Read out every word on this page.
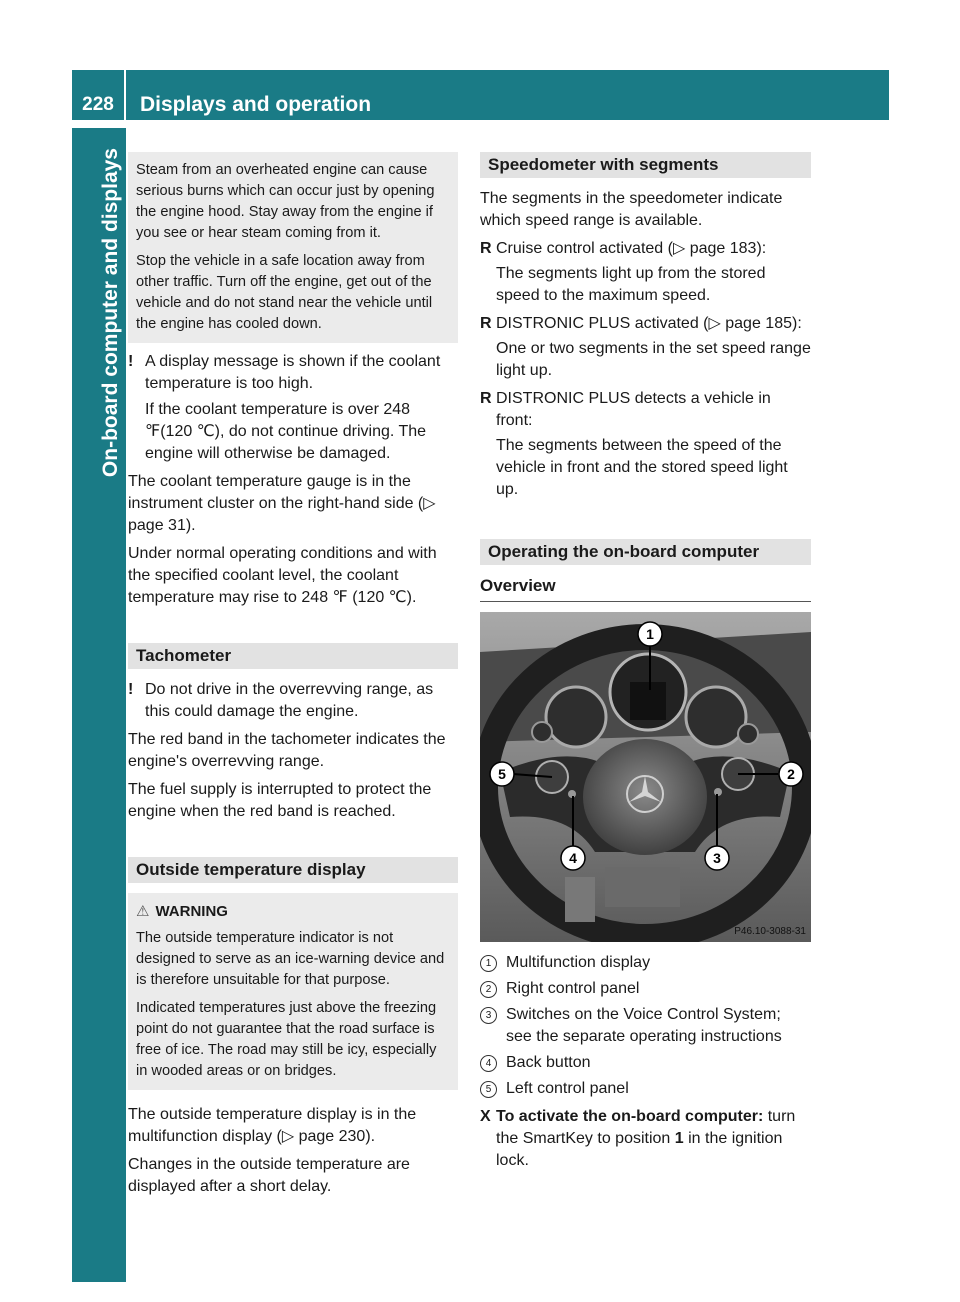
228	Displays and operation
On-board computer and displays Steam from an overheated engine can cause serious burns which can occur just by opening the engine hood. Stay away from the engine if you see or hear steam coming from it.

Stop the vehicle in a safe location away from other traffic. Turn off the engine, get out of the vehicle and do not stand near the vehicle until the engine has cooled down.

! A display message is shown if the coolant temperature is too high.

If the coolant temperature is over 248 ℉(120 ℃), do not continue driving. The engine will otherwise be damaged.

The coolant temperature gauge is in the instrument cluster on the right-hand side (▷ page 31).

Under normal operating conditions and with the specified coolant level, the coolant temperature may rise to 248 ℉ (120 ℃).

Tachometer
! Do not drive in the overrevving range, as this could damage the engine.

The red band in the tachometer indicates the engine's overrevving range.

The fuel supply is interrupted to protect the engine when the red band is reached.

Outside temperature display
⚠ WARNING

The outside temperature indicator is not designed to serve as an ice-warning device and is therefore unsuitable for that purpose.

Indicated temperatures just above the freezing point do not guarantee that the road surface is free of ice. The road may still be icy, especially in wooded areas or on bridges.

The outside temperature display is in the multifunction display (▷ page 230).

Changes in the outside temperature are displayed after a short delay.

Speedometer with segments

The segments in the speedometer indicate which speed range is available.

R Cruise control activated (▷ page 183):
The segments light up from the stored speed to the maximum speed.
R DISTRONIC PLUS activated (▷ page 185):
One or two segments in the set speed range light up.
R DISTRONIC PLUS detects a vehicle in front:
The segments between the speed of the vehicle in front and the stored speed light up.
Operating the on-board computer
Overview
1
2
3
4
5
P46.10-3088-31
1 Multifunction display
2 Right control panel
3 Switches on the Voice Control System; see the separate operating instructions
4 Back button
5 Left control panel
X To activate the on-board computer: turn the SmartKey to position 1 in the ignition lock.
